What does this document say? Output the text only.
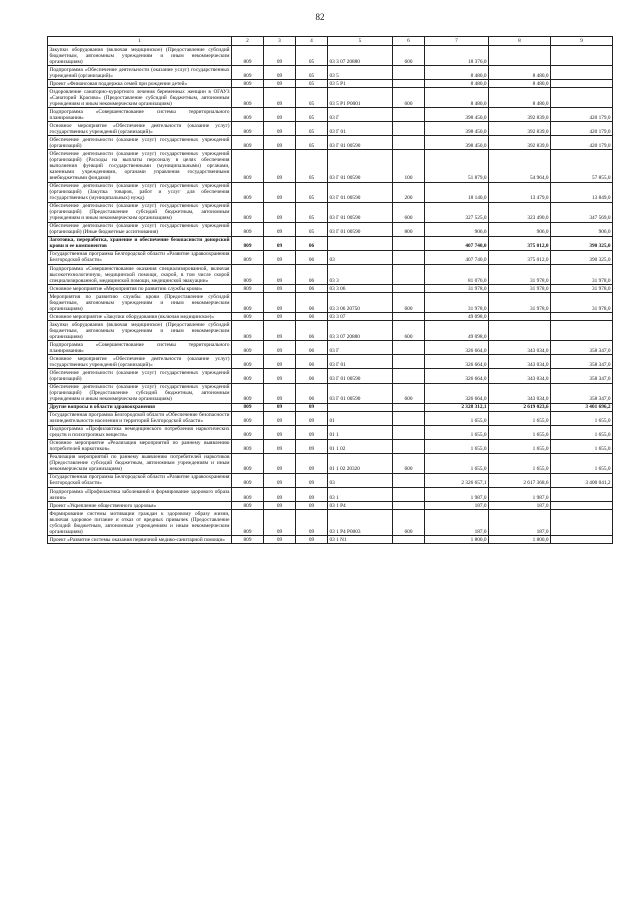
82
1	2	3	4	5	6	7	8	9
Закупки оборудования (включая медицинское) (Предоставление субсидий бюджетным, автономным учреждениям и иным некоммерческим организациям)	809	09	05	03 3 07 20880	600	18 376,0		
Подпрограмма «Обеспечение деятельности (оказание услуг) государственных учреждений (организаций)»	809	09	05	03 5		8 480,0	8 480,0	
Проект «Финансовая поддержка семей при рождении детей»	809	09	05	03 5 P1		8 480,0	8 480,0	
Оздоровление санаторно-курортного лечения беременных женщин в ОГАУЗ «Санаторий Красиво» (Предоставление субсидий бюджетным, автономным учреждениям и иным некоммерческим организациям)	809	09	05	03 5 P1 P0001	600	8 480,0	8 480,0	
Подпрограмма «Совершенствование системы территориального планирования»	809	09	05	03 Г		398 450,0	392 839,0	420 179,0
Основное мероприятие «Обеспечение деятельности (оказание услуг) государственных учреждений (организаций)»	809	09	05	03 Г 01		398 450,0	392 839,0	420 179,0
Обеспечение деятельности (оказание услуг) государственных учреждений (организаций)	809	09	05	03 Г 01 00590		398 450,0	392 839,0	420 179,0
Обеспечение деятельности (оказание услуг) государственных учреждений (организаций) (Расходы на выплаты персоналу в целях обеспечения выполнения функций государственными (муниципальными) органами, казенными учреждениями, органами управления государственными внебюджетными фондами)	809	09	05	03 Г 01 00590	100	51 879,0	54 964,0	57 855,0
Обеспечение деятельности (оказание услуг) государственных учреждений (организаций) (Закупка товаров, работ и услуг для обеспечения государственных (муниципальных) нужд)	809	09	05	03 Г 01 00590	200	18 140,0	13 479,0	13 849,0
Обеспечение деятельности (оказание услуг) государственных учреждений (организаций) (Предоставление субсидий бюджетным, автономным учреждениям и иным некоммерческим организациям)	809	09	05	03 Г 01 00590	600	327 525,0	323 490,0	347 569,0
Обеспечение деятельности (оказание услуг) государственных учреждений (организаций) (Иные бюджетные ассигнования)	809	09	05	03 Г 01 00590	800	906,0	906,0	906,0
Заготовка, переработка, хранение и обеспечение безопасности донорской крови и ее компонентов	809	09	06			407 740,0	375 012,0	390 325,0
Государственная программа Белгородской области «Развитие здравоохранения Белгородской области»	809	09	06	03		407 740,0	375 012,0	390 325,0
Подпрограмма «Совершенствование оказания специализированной, включая высокотехнологичную, медицинской помощи, скорой, в том числе скорой специализированной, медицинской помощи, медицинской эвакуации»	809	09	06	03 3		81 076,0	31 978,0	31 978,0
Основное мероприятие «Мероприятия по развитию службы крови»	809	09	06	03 3 06		31 978,0	31 978,0	31 978,0
Мероприятия по развитию службы крови (Предоставление субсидий бюджетным, автономным учреждениям и иным некоммерческим организациям)	809	09	06	03 3 06 20750	600	31 978,0	31 978,0	31 978,0
Основное мероприятие «Закупки оборудования (включая медицинское)»	809	09	06	03 3 07		49 098,0		
Закупки оборудования (включая медицинское) (Предоставление субсидий бюджетным, автономным учреждениям и иным некоммерческим организациям)	809	09	06	03 3 07 20880	600	49 098,0		
Подпрограмма «Совершенствование системы территориального планирования»	809	09	06	03 Г		326 664,0	343 034,0	358 347,0
Основное мероприятие «Обеспечение деятельности (оказание услуг) государственных учреждений (организаций)»	809	09	06	03 Г 01		326 664,0	343 034,0	358 347,0
Обеспечение деятельности (оказание услуг) государственных учреждений (организаций)	809	09	06	03 Г 01 00590		326 664,0	343 034,0	358 347,0
Обеспечение деятельности (оказание услуг) государственных учреждений (организаций) (Предоставление субсидий бюджетным, автономным учреждениям и иным некоммерческим организациям)	809	09	06	03 Г 01 00590	600	326 664,0	343 034,0	358 347,0
Другие вопросы в области здравоохранения	809	09	09			2 328 312,1	2 619 023,6	3 401 696,2
Государственная программа Белгородской области «Обеспечение безопасности жизнедеятельности населения и территорий Белгородской области»	809	09	09	01		1 655,0	1 655,0	1 655,0
Подпрограмма «Профилактика немедицинского потребления наркотических средств и психотропных веществ»	809	09	09	01 1		1 655,0	1 655,0	1 655,0
Основное мероприятие «Реализация мероприятий по раннему выявлению потребителей наркотиков»	809	09	09	01 1 02		1 655,0	1 655,0	1 655,0
Реализация мероприятий по раннему выявлению потребителей наркотиков (Предоставление субсидий бюджетным, автономным учреждениям и иным некоммерческим организациям)	809	09	09	01 1 02 20320	600	1 655,0	1 655,0	1 655,0
Государственная программа Белгородской области «Развитие здравоохранения Белгородской области»	809	09	09	03		2 326 657,1	2 617 368,6	3 400 041,2
Подпрограмма «Профилактика заболеваний и формирование здорового образа жизни»	809	09	09	03 1		1 987,0	1 987,0	
Проект «Укрепление общественного здоровья»	809	09	09	03 1 P4		187,0	187,0	
Формирование системы мотивации граждан к здоровому образу жизни, включая здоровое питание и отказ от вредных привычек (Предоставление субсидий бюджетным, автономным учреждениям и иным некоммерческим организациям)	809	09	09	03 1 P4 P0003	600	187,0	187,0	
Проект «Развитие системы оказания первичной медико-санитарной помощи»	809	09	09	03 1 N1		1 800,0	1 800,0	
